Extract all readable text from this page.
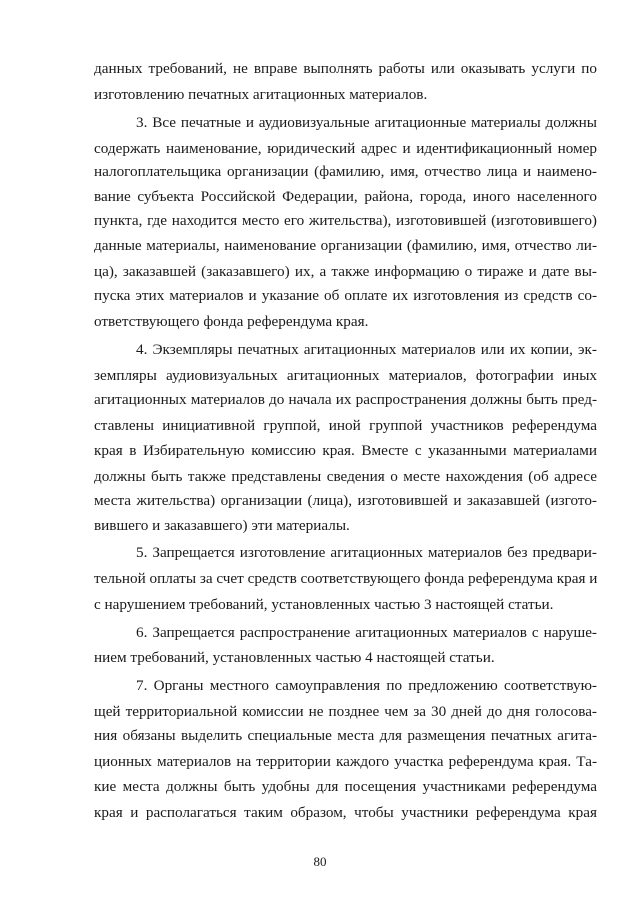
данных требований, не вправе выполнять работы или оказывать услуги по
изготовлению печатных агитационных материалов.
3. Все печатные и аудиовизуальные агитационные материалы должны
содержать наименование, юридический адрес и идентификационный номер
налогоплательщика организации (фамилию, имя, отчество лица и наимено-
вание субъекта Российской Федерации, района, города, иного населенного
пункта, где находится место его жительства), изготовившей (изготовившего)
данные материалы, наименование организации (фамилию, имя, отчество ли-
ца), заказавшей (заказавшего) их, а также информацию о тираже и дате вы-
пуска этих материалов и указание об оплате их изготовления из средств со-
ответствующего фонда референдума края.
4. Экземпляры печатных агитационных материалов или их копии, эк-
земпляры аудиовизуальных агитационных материалов, фотографии иных
агитационных материалов до начала их распространения должны быть пред-
ставлены инициативной группой, иной группой участников референдума
края в Избирательную комиссию края. Вместе с указанными материалами
должны быть также представлены сведения о месте нахождения (об адресе
места жительства) организации (лица), изготовившей и заказавшей (изгото-
вившего и заказавшего) эти материалы.
5. Запрещается изготовление агитационных материалов без предвари-
тельной оплаты за счет средств соответствующего фонда референдума края и
с нарушением требований, установленных частью 3 настоящей статьи.
6. Запрещается распространение агитационных материалов с наруше-
нием требований, установленных частью 4 настоящей статьи.
7. Органы местного самоуправления по предложению соответствую-
щей территориальной комиссии не позднее чем за 30 дней до дня голосова-
ния обязаны выделить специальные места для размещения печатных агита-
ционных материалов на территории каждого участка референдума края. Та-
кие места должны быть удобны для посещения участниками референдума
края и располагаться таким образом, чтобы участники референдума края
80
